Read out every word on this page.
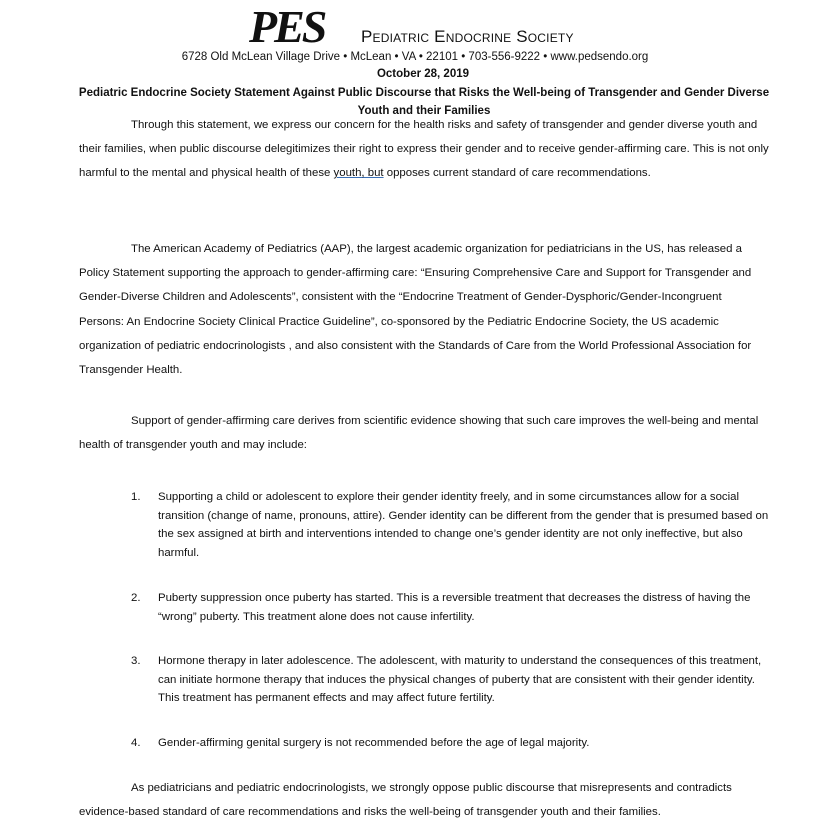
PES Pediatric Endocrine Society
6728 Old McLean Village Drive • McLean • VA • 22101 • 703-556-9222 • www.pedsendo.org
October 28, 2019
Pediatric Endocrine Society Statement Against Public Discourse that Risks the Well-being of Transgender and Gender Diverse Youth and their Families
Through this statement, we express our concern for the health risks and safety of transgender and gender diverse youth and their families, when public discourse delegitimizes their right to express their gender and to receive gender-affirming care. This is not only harmful to the mental and physical health of these youth, but opposes current standard of care recommendations.
The American Academy of Pediatrics (AAP), the largest academic organization for pediatricians in the US, has released a Policy Statement supporting the approach to gender-affirming care: “Ensuring Comprehensive Care and Support for Transgender and Gender-Diverse Children and Adolescents”, consistent with the “Endocrine Treatment of Gender-Dysphoric/Gender-Incongruent Persons: An Endocrine Society Clinical Practice Guideline”, co-sponsored by the Pediatric Endocrine Society, the US academic organization of pediatric endocrinologists , and also consistent with the Standards of Care from the World Professional Association for Transgender Health.
Support of gender-affirming care derives from scientific evidence showing that such care improves the well-being and mental health of transgender youth and may include:
1.	Supporting a child or adolescent to explore their gender identity freely, and in some circumstances allow for a social transition (change of name, pronouns, attire). Gender identity can be different from the gender that is presumed based on the sex assigned at birth and interventions intended to change one’s gender identity are not only ineffective, but also harmful.
2.	Puberty suppression once puberty has started. This is a reversible treatment that decreases the distress of having the “wrong” puberty. This treatment alone does not cause infertility.
3.	Hormone therapy in later adolescence. The adolescent, with maturity to understand the consequences of this treatment, can initiate hormone therapy that induces the physical changes of puberty that are consistent with their gender identity. This treatment has permanent effects and may affect future fertility.
4.	Gender-affirming genital surgery is not recommended before the age of legal majority.
As pediatricians and pediatric endocrinologists, we strongly oppose public discourse that misrepresents and contradicts evidence-based standard of care recommendations and risks the well-being of transgender youth and their families.
